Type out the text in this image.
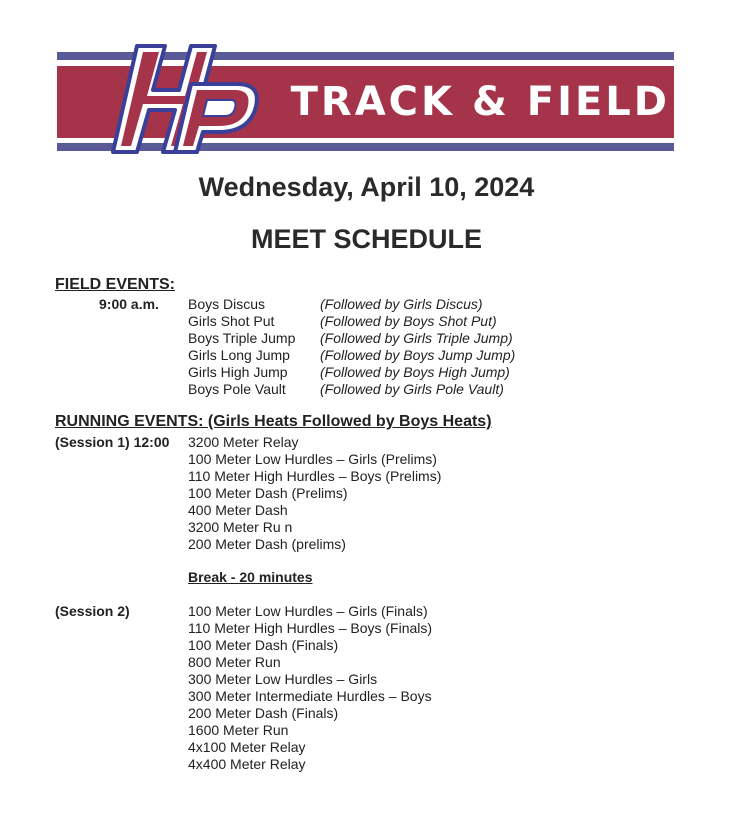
TRACK & FIELD
Wednesday, April 10, 2024
MEET SCHEDULE
FIELD EVENTS:
9:00 a.m. Boys Discus	(Followed by Girls Discus)
Girls Shot Put	(Followed by Boys Shot Put)
Boys Triple Jump (Followed by Girls Triple Jump)
Girls Long Jump (Followed by Boys Jump Jump)
Girls High Jump (Followed by Boys High Jump)
Boys Pole Vault (Followed by Girls Pole Vault)
RUNNING EVENTS: (Girls Heats Followed by Boys Heats)
(Session 1) 12:00 3200 Meter Relay
100 Meter Low Hurdles – Girls (Prelims)
110 Meter High Hurdles – Boys (Prelims)
100 Meter Dash (Prelims)
400 Meter Dash
3200 Meter Ru n
200 Meter Dash (prelims)
Break - 20 minutes
(Session 2)	100 Meter Low Hurdles – Girls (Finals)
110 Meter High Hurdles – Boys (Finals)
100 Meter Dash (Finals)
800 Meter Run
300 Meter Low Hurdles – Girls
300 Meter Intermediate Hurdles – Boys
200 Meter Dash (Finals)
1600 Meter Run
4x100 Meter Relay
4x400 Meter Relay
